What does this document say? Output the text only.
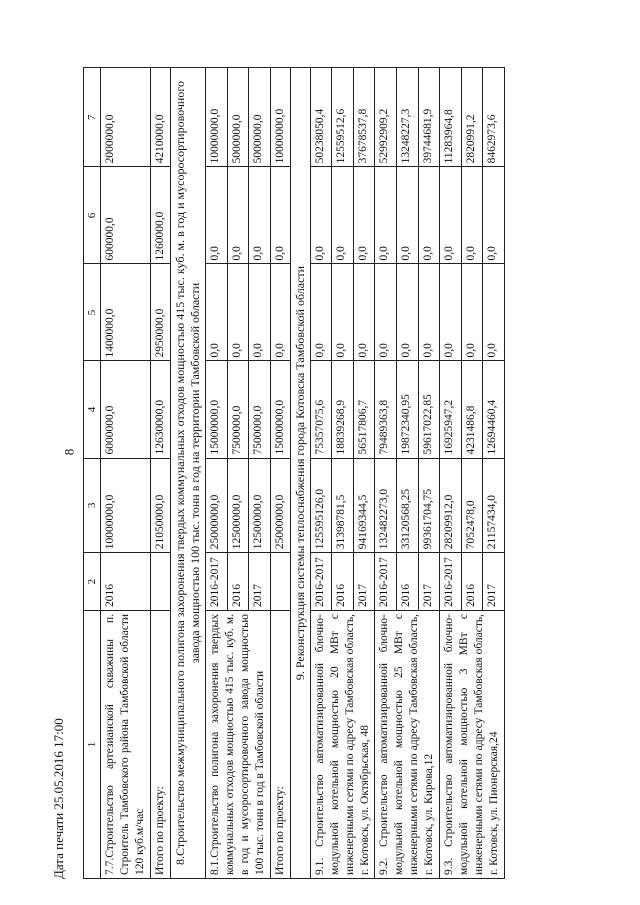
8
1	2	3	4	5	6	7
7.7.Строительство артезианской скважины п. Строитель Тамбовского района Тамбовской области 120 куб.м/час	2016	10000000,0	6000000,0	1400000,0	600000,0	2000000,0
Итого по проекту:		21050000,0	12630000,0	2950000,0	1260000,0	4210000,0
8.Строительство межмуниципального полигона захоронения твердых коммунальных отходов мощностью 415 тыс. куб. м. в год и мусоросортировочного завода мощностью 100 тыс. тонн в год на территории Тамбовской области						
8.1.Строительство полигона захоронения твердых коммунальных отходов мощностью 415 тыс. куб. м. в год и мусоросортировочного завода мощностью 100 тыс. тонн в год в Тамбовской области	2016-2017	25000000,0	15000000,0	0,0	0,0	10000000,0
	2016	12500000,0	7500000,0	0,0	0,0	5000000,0
	2017	12500000,0	7500000,0	0,0	0,0	5000000,0
Итого по проекту:		25000000,0	15000000,0	0,0	0,0	10000000,0
9. Реконструкция системы теплоснабжения города Котовска Тамбовской области						
9.1. Строительство автоматизированной блочно-модульной котельной мощностью 20 МВт с инженерными сетями по адресу Тамбовская область, г. Котовск, ул. Октябрьская, 48	2016-2017	125595126,0	75357075,6	0,0	0,0	50238050,4
	2016	31398781,5	18839268,9	0,0	0,0	12559512,6
	2017	94169344,5	56517806,7	0,0	0,0	37678537,8
9.2. Строительство автоматизированной блочно-модульной котельной мощностью 25 МВт с инженерными сетями по адресу Тамбовская область, г. Котовск, ул. Кирова,12	2016-2017	132482273,0	79489363,8	0,0	0,0	52992909,2
	2016	33120568,25	19872340,95	0,0	0,0	13248227,3
	2017	99361704,75	59617022,85	0,0	0,0	39744681,9
9.3. Строительство автоматизированной блочно-модульной котельной мощностью 3 МВт с инженерными сетями по адресу Тамбовская область, г. Котовск, ул. Пионерская,24	2016-2017	28209912,0	16925947,2	0,0	0,0	11283964,8
	2016	7052478,0	4231486,8	0,0	0,0	2820991,2
	2017	21157434,0	12694460,4	0,0	0,0	8462973,6
Дата печати 25.05.2016 17:00
